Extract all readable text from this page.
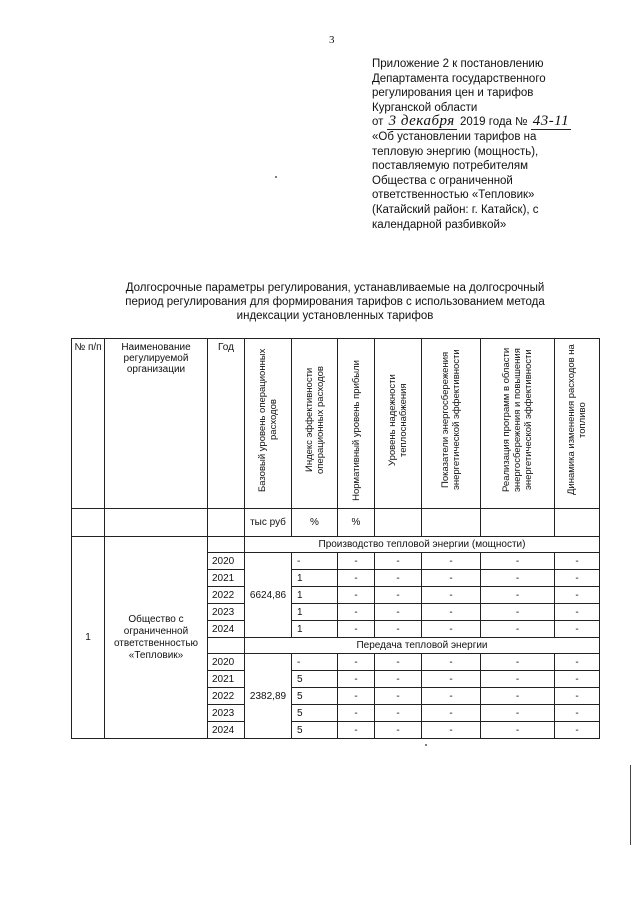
3
Приложение 2 к постановлению
Департамента государственного
регулирования цен и тарифов
Курганской области
от 3 декабря 2019 года № 43-11
«Об установлении тарифов на
тепловую энергию (мощность),
поставляемую потребителям
Общества с ограниченной
ответственностью «Тепловик»
(Катайский район: г. Катайск), с
календарной разбивкой»
Долгосрочные параметры регулирования, устанавливаемые на долгосрочный
период регулирования для формирования тарифов с использованием метода
индексации установленных тарифов
№ п/п	Наименование регулируемой организации	Год	Базовый уровень операционных расходов	Индекс эффективности операционных расходов	Нормативный уровень прибыли	Уровень надежности теплоснабжения	Показатели энергосбережения энергетической эффективности	Реализация программ в области энергосбережения и повышения энергетической эффективности	Динамика изменения расходов на топливо
			тыс руб	%	%				
1	Общество с ограниченной ответственностью «Тепловик»		Производство тепловой энергии (мощности)						
		2020	6624,86	-	-	-	-	-	-
		2021		1	-	-	-	-	-
		2022		1	-	-	-	-	-
		2023		1	-	-	-	-	-
		2024		1	-	-	-	-	-
			Передача тепловой энергии						
		2020	2382,89	-	-	-	-	-	-
		2021		5	-	-	-	-	-
		2022		5	-	-	-	-	-
		2023		5	-	-	-	-	-
		2024		5	-	-	-	-	-
